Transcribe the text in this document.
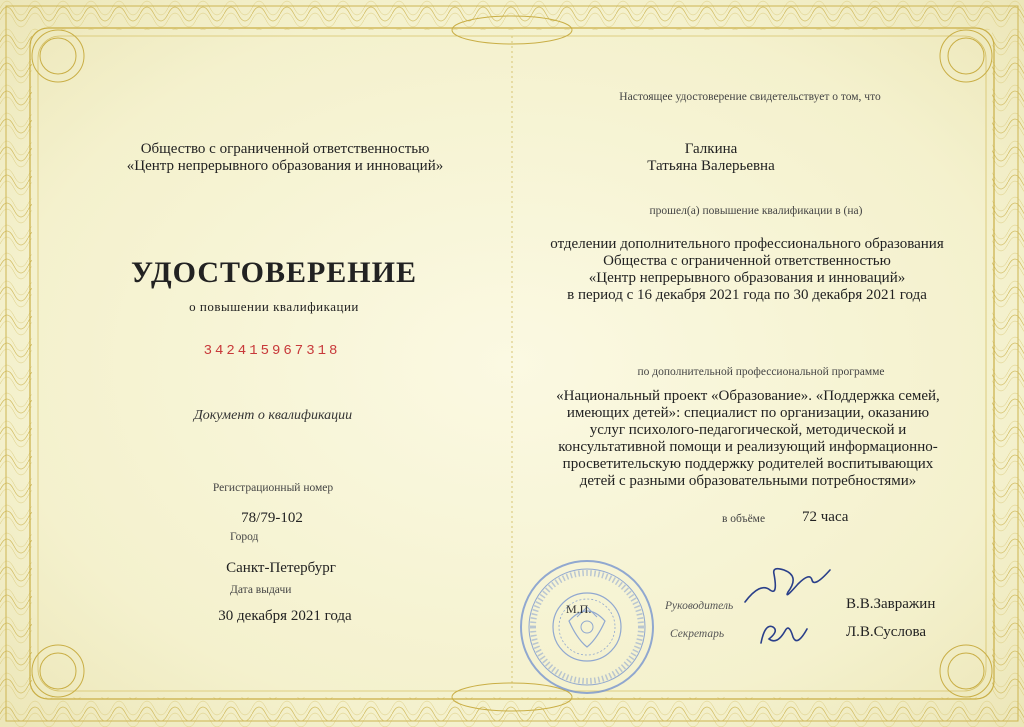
Общество с ограниченной ответственностью
«Центр непрерывного образования и инноваций»
УДОСТОВЕРЕНИЕ
о повышении квалификации
342415967318
Документ о квалификации
Регистрационный номер
78/79-102
Город
Санкт-Петербург
Дата выдачи
30 декабря 2021 года
Настоящее удостоверение свидетельствует о том, что
Галкина
Татьяна Валерьевна
прошел(а) повышение квалификации в (на)
отделении дополнительного профессионального образования
Общества с ограниченной ответственностью
«Центр непрерывного образования и инноваций»
в период с 16 декабря 2021 года по 30 декабря 2021 года
по дополнительной профессиональной программе
«Национальный проект «Образование». «Поддержка семей,
имеющих детей»: специалист по организации, оказанию
услуг психолого-педагогической, методической и
консультативной помощи и реализующий информационно-
просветительскую поддержку родителей воспитывающих
детей с разными образовательными потребностями»
в объёме 72 часа
М.П.	Руководитель
Секретарь
В.В.Завражин
Л.В.Суслова
